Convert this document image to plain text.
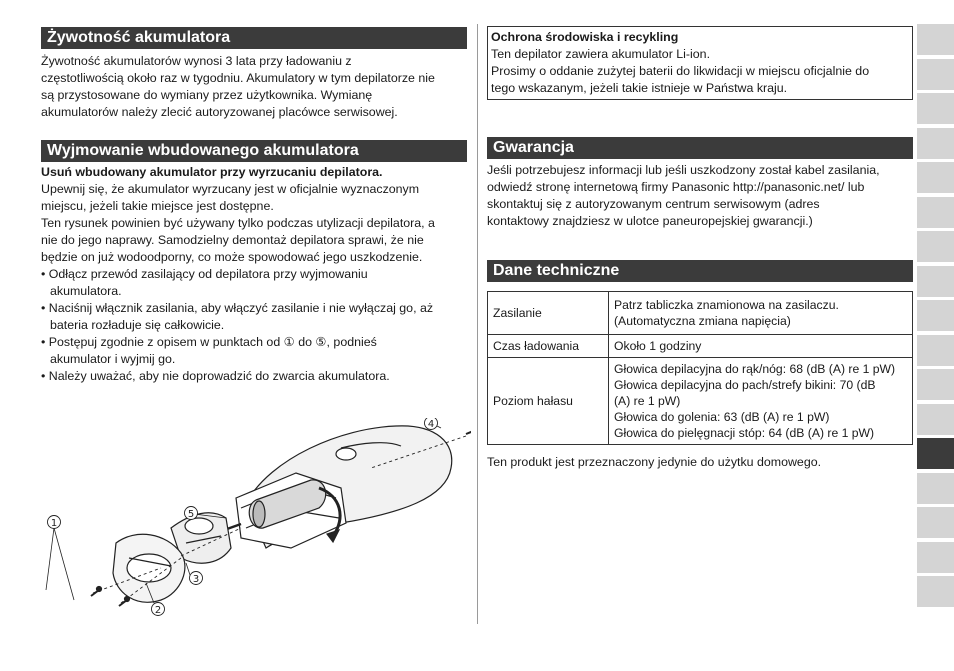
Żywotność akumulatora

Żywotność akumulatorów wynosi 3 lata przy ładowaniu z

częstotliwością około raz w tygodniu. Akumulatory w tym depilatorze nie

są przystosowane do wymiany przez użytkownika. Wymianę

akumulatorów należy zlecić autoryzowanej placówce serwisowej.

Wyjmowanie wbudowanego akumulatora

Usuń wbudowany akumulator przy wyrzucaniu depilatora.

Upewnij się, że akumulator wyrzucany jest w oficjalnie wyznaczonym

miejscu, jeżeli takie miejsce jest dostępne.

Ten rysunek powinien być używany tylko podczas utylizacji depilatora, a

nie do jego naprawy. Samodzielny demontaż depilatora sprawi, że nie

będzie on już wodoodporny, co może spowodować jego uszkodzenie.

• Odłącz przewód zasilający od depilatora przy wyjmowaniu

akumulatora.

• Naciśnij włącznik zasilania, aby włączyć zasilanie i nie wyłączaj go, aż

bateria rozładuje się całkowicie.

• Postępuj zgodnie z opisem w punktach od ① do ⑤, podnieś

akumulator i wyjmij go.

• Należy uważać, aby nie doprowadzić do zwarcia akumulatora.

1
2
3
4
5

Ochrona środowiska i recykling

Ten depilator zawiera akumulator Li-ion.

Prosimy o oddanie zużytej baterii do likwidacji w miejscu oficjalnie do

tego wskazanym, jeżeli takie istnieje w Państwa kraju.

Gwarancja

Jeśli potrzebujesz informacji lub jeśli uszkodzony został kabel zasilania,

odwiedź stronę internetową firmy Panasonic http://panasonic.net/ lub

skontaktuj się z autoryzowanym centrum serwisowym (adres

kontaktowy znajdziesz w ulotce paneuropejskiej gwarancji.)

Dane techniczne
Zasilanie	Patrz tabliczka znamionowa na zasilaczu.
(Automatyczna zmiana napięcia)

Czas ładowania	Około 1 godziny

Poziom hałasu	Głowica depilacyjna do rąk/nóg: 68 (dB (A) re 1 pW)
Głowica depilacyjna do pach/strefy bikini: 70 (dB
(A) re 1 pW)
Głowica do golenia: 63 (dB (A) re 1 pW)
Głowica do pielęgnacji stóp: 64 (dB (A) re 1 pW)
Ten produkt jest przeznaczony jedynie do użytku domowego.
